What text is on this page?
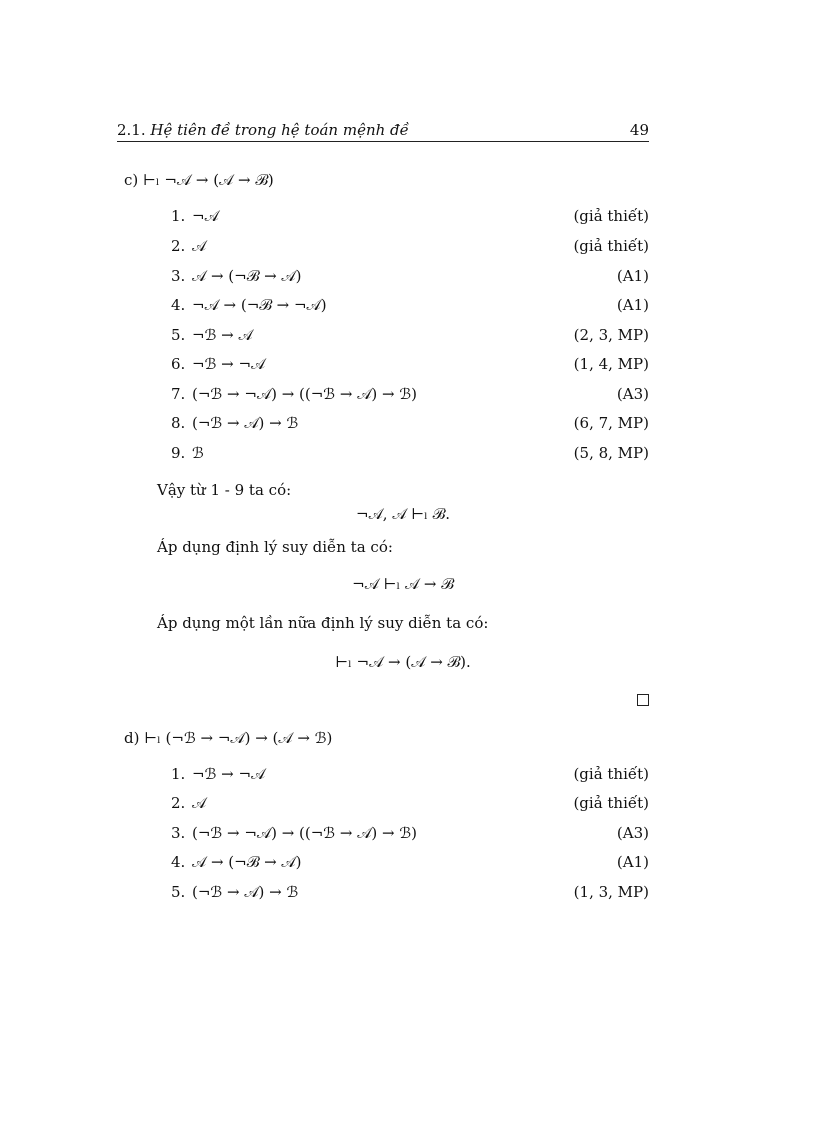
2.1. Hệ tiên đề trong hệ toán mệnh đề	49
c) ⊢ₗ ¬𝒜 → (𝒜 → ℬ)
1. ¬𝒜	(giả thiết)
2. 𝒜	(giả thiết)
3. 𝒜 → (¬ℬ → 𝒜)	(A1)
4. ¬𝒜 → (¬ℬ → ¬𝒜)	(A1)
5. ¬ℬ → 𝒜	(2, 3, MP)
6. ¬ℬ → ¬𝒜	(1, 4, MP)
7. (¬ℬ → ¬𝒜) → ((¬ℬ → 𝒜) → ℬ)	(A3)
8. (¬ℬ → 𝒜) → ℬ	(6, 7, MP)
9. ℬ	(5, 8, MP)
Vậy từ 1 - 9 ta có:
¬𝒜, 𝒜 ⊢ₗ ℬ.
Áp dụng định lý suy diễn ta có:
¬𝒜 ⊢ₗ 𝒜 → ℬ
Áp dụng một lần nữa định lý suy diễn ta có:
⊢ₗ ¬𝒜 → (𝒜 → ℬ).
d) ⊢ₗ (¬ℬ → ¬𝒜) → (𝒜 → ℬ)
1. ¬ℬ → ¬𝒜	(giả thiết)
2. 𝒜	(giả thiết)
3. (¬ℬ → ¬𝒜) → ((¬ℬ → 𝒜) → ℬ)	(A3)
4. 𝒜 → (¬ℬ → 𝒜)	(A1)
5. (¬ℬ → 𝒜) → ℬ	(1, 3, MP)
